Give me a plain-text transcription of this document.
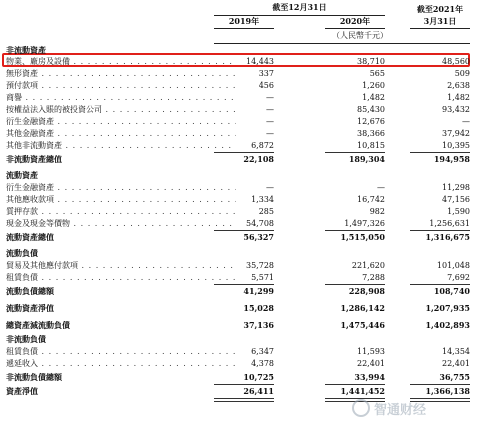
截至12月31日
2019年	2020年
截至2021年
3月31日
（人民幣千元）
非流動資產
物業、廠房及設備 . . .	14,443	38,710	48,560
無形資產 . . .	337	565	509
預付款項 . . .	456	1,260	2,638
商譽 . . .	—	1,482	1,482
按權益法入賬的被投資公司 . . .	—	85,430	93,432
衍生金融資產 . . .	—	12,676	—
其他金融資產 . . .	—	38,366	37,942
其他非流動資產 . . .	6,872	10,815	10,395
非流動資產總值	22,108	189,304	194,958
流動資產
衍生金融資產 . . .	—	—	11,298
其他應收款項 . . .	1,334	16,742	47,156
質押存款 . . .	285	982	1,590
現金及現金等價物 . . .	54,708	1,497,326	1,256,631
流動資產總值	56,327	1,515,050	1,316,675
流動負債
貿易及其他應付款項 . . .	35,728	221,620	101,048
租賃負債 . . .	5,571	7,288	7,692
流動負債總額	41,299	228,908	108,740
流動資產淨值	15,028	1,286,142	1,207,935
總資產減流動負債	37,136	1,475,446	1,402,893
非流動負債
租賃負債 . . .	6,347	11,593	14,354
遞延收入 . . .	4,378	22,401	22,401
非流動負債總額	10,725	33,994	36,755
資產淨值	26,411	1,441,452	1,366,138
智通财经
